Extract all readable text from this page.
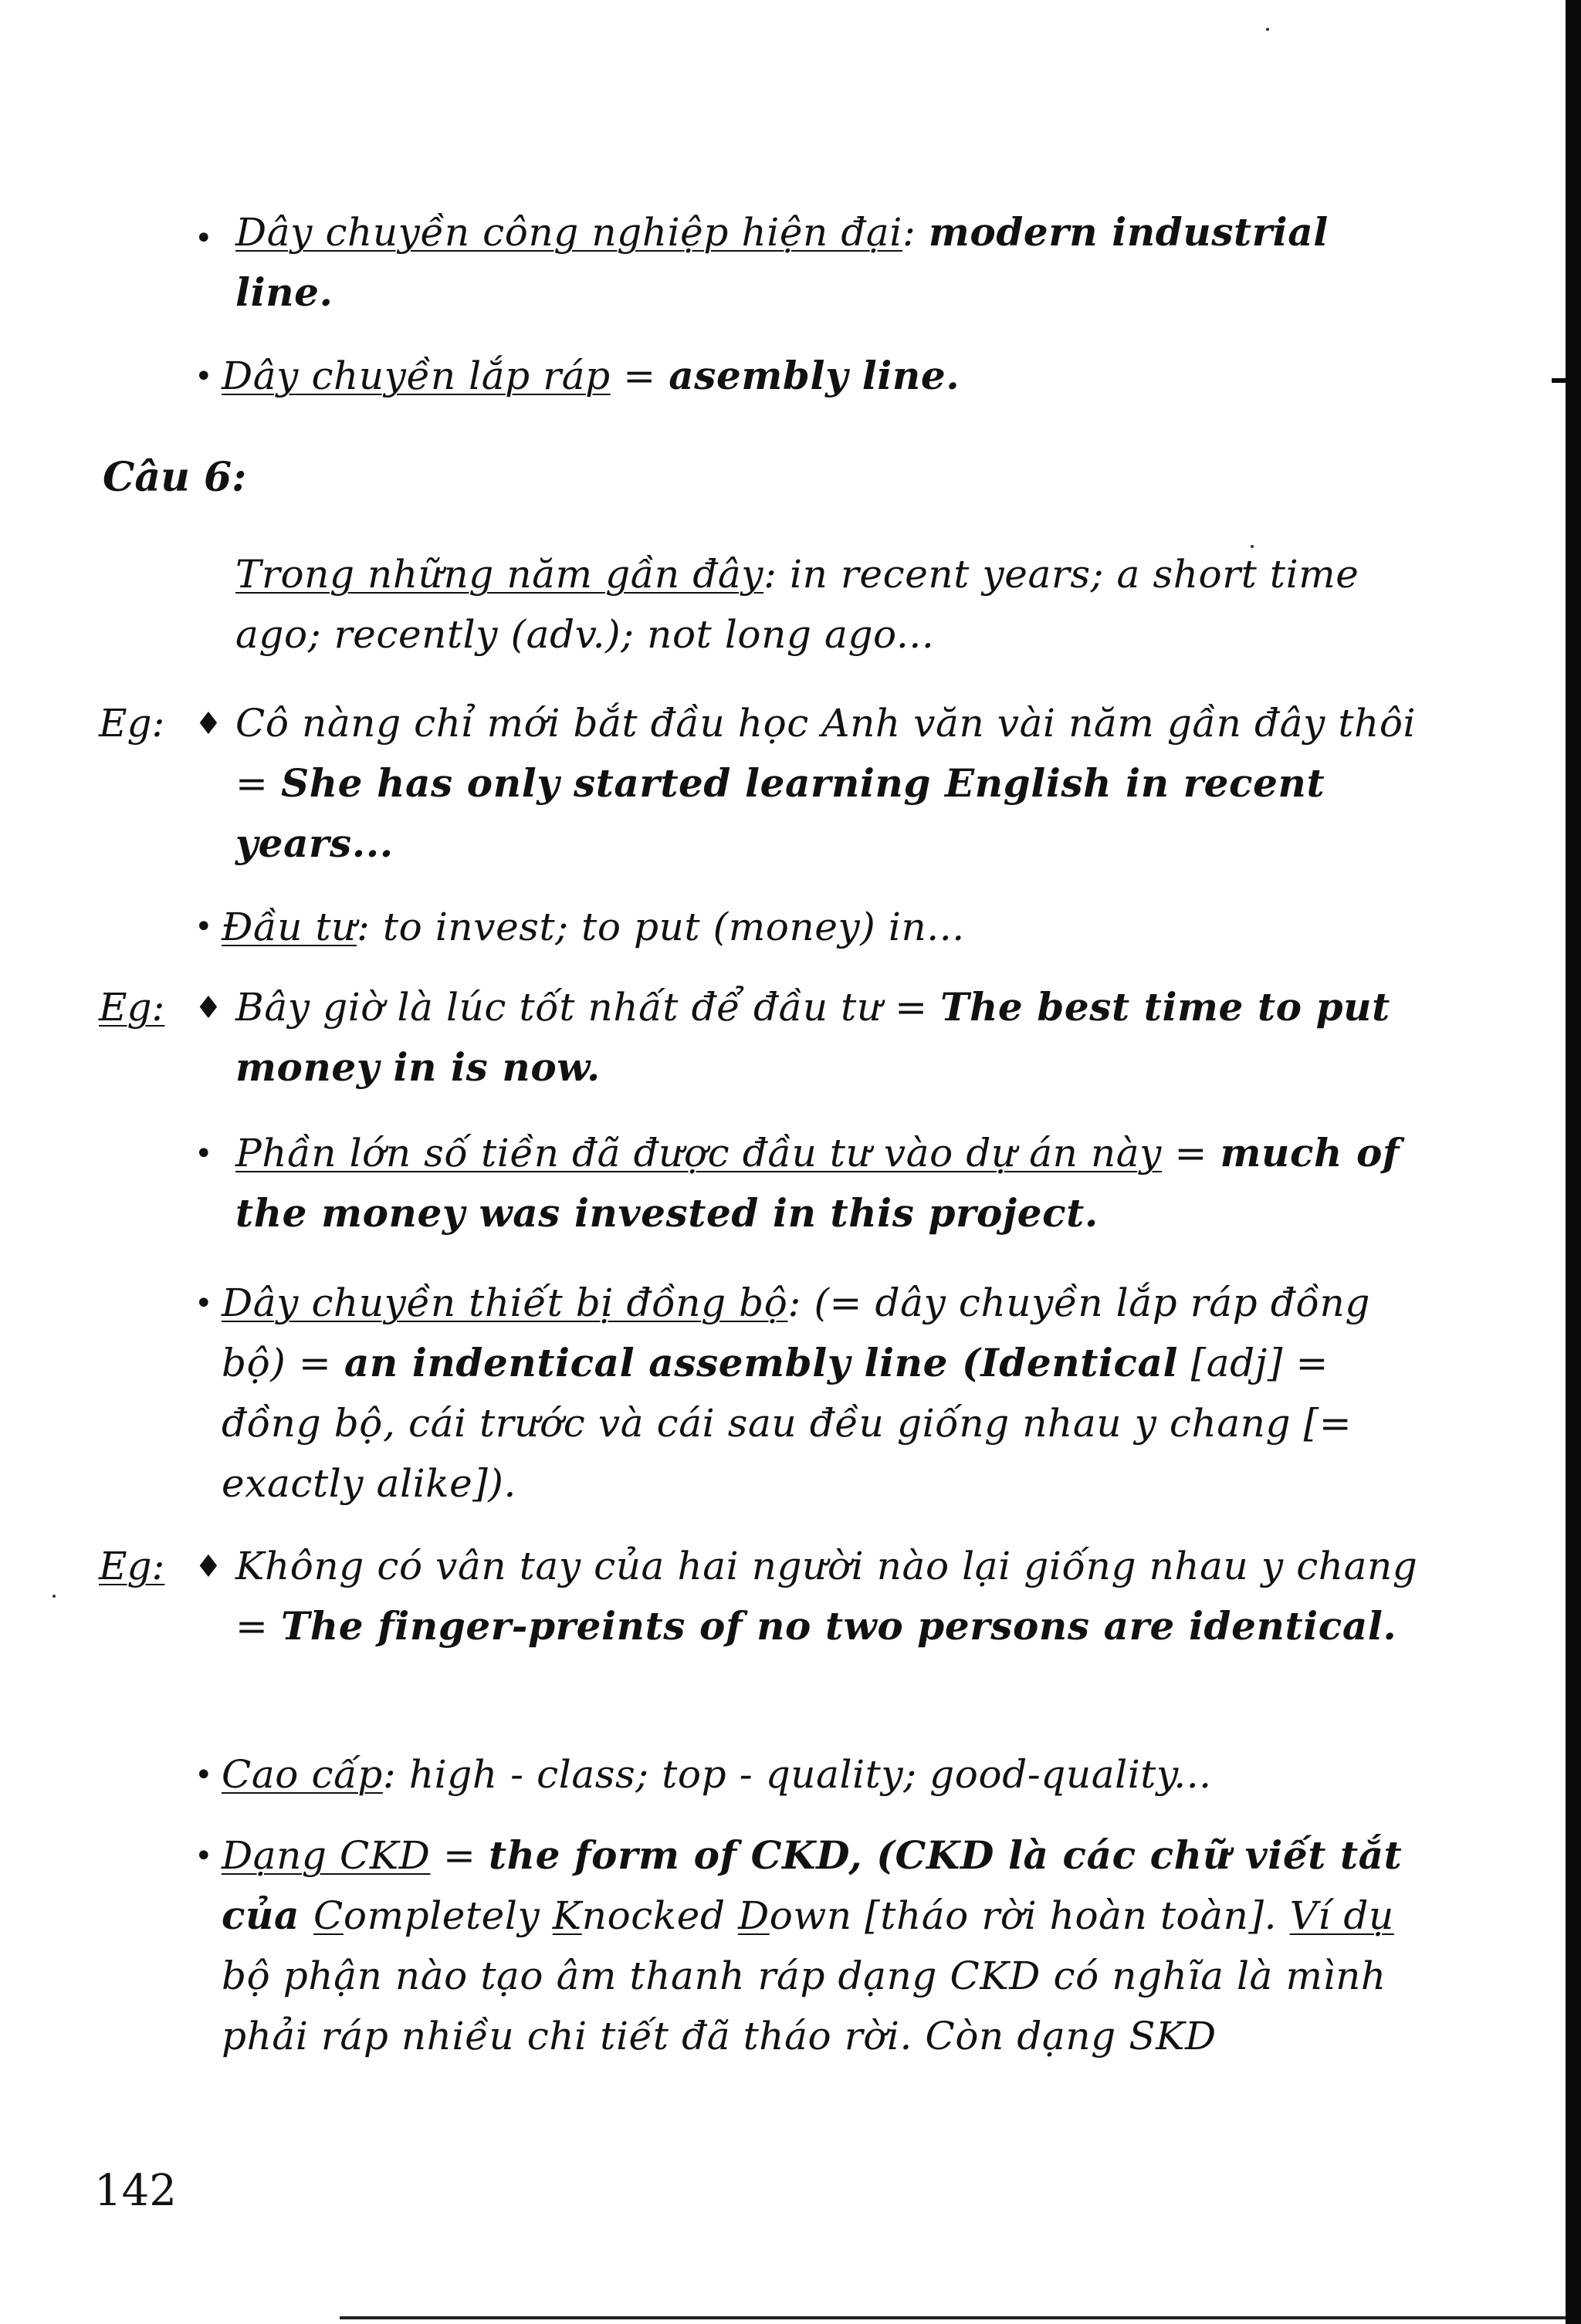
• Dây chuyền công nghiệp hiện đại: modern industrial line.
• Dây chuyền lắp ráp = asembly line.
Câu 6:
Trong những năm gần đây: in recent years; a short time ago; recently (adv.); not long ago...
Eg: ♦ Cô nàng chỉ mới bắt đầu học Anh văn vài năm gần đây thôi = She has only started learning English in recent years...
• Đầu tư: to invest; to put (money) in...
Eg: ♦ Bây giờ là lúc tốt nhất để đầu tư = The best time to put money in is now.
• Phần lớn số tiền đã được đầu tư vào dự án này = much of the money was invested in this project.
• Dây chuyền thiết bị đồng bộ: (= dây chuyền lắp ráp đồng bộ) = an indentical assembly line (Identical [adj] = đồng bộ, cái trước và cái sau đều giống nhau y chang [= exactly alike]).
Eg: ♦ Không có vân tay của hai người nào lại giống nhau y chang = The finger-preints of no two persons are identical.
• Cao cấp: high - class; top - quality; good-quality...
• Dạng CKD = the form of CKD, (CKD là các chữ viết tắt của Completely Knocked Down [tháo rời hoàn toàn]. Ví dụ bộ phận nào tạo âm thanh ráp dạng CKD có nghĩa là mình phải ráp nhiều chi tiết đã tháo rời. Còn dạng SKD
142
